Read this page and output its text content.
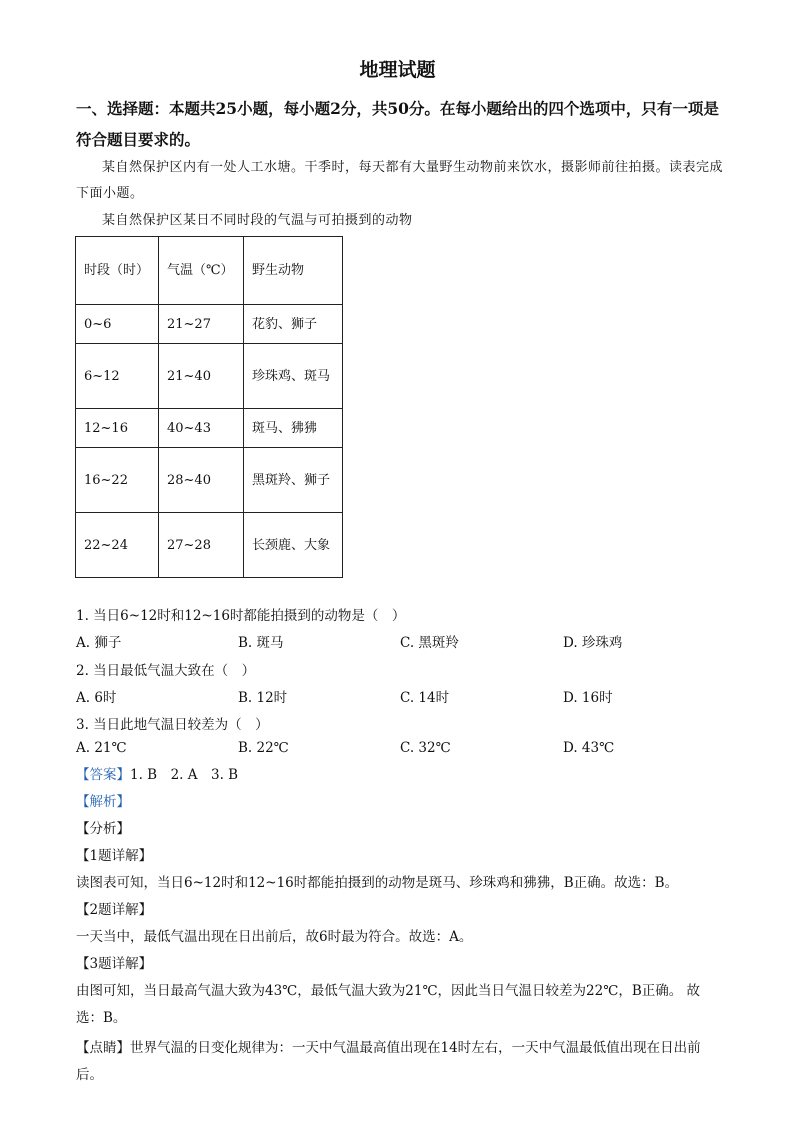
地理试题
一、选择题：本题共25小题，每小题2分，共50分。在每小题给出的四个选项中，只有一项是符合题目要求的。
某自然保护区内有一处人工水塘。干季时，每天都有大量野生动物前来饮水，摄影师前往拍摄。读表完成下面小题。
某自然保护区某日不同时段的气温与可拍摄到的动物
时段（时）	气温（℃）	野生动物
0~6	21~27	花豹、狮子
6~12	21~40	珍珠鸡、斑马
12~16	40~43	斑马、狒狒
16~22	28~40	黑斑羚、狮子
22~24	27~28	长颈鹿、大象
1. 当日6~12时和12~16时都能拍摄到的动物是（　）
A. 狮子	B. 斑马	C. 黑斑羚	D. 珍珠鸡
2. 当日最低气温大致在（　）
A. 6时	B. 12时	C. 14时	D. 16时
3. 当日此地气温日较差为（　）
A. 21℃	B. 22℃	C. 32℃	D. 43℃
【答案】1. B　2. A　3. B
【解析】
【分析】
【1题详解】
读图表可知，当日6~12时和12~16时都能拍摄到的动物是斑马、珍珠鸡和狒狒，B正确。故选：B。
【2题详解】
一天当中，最低气温出现在日出前后，故6时最为符合。故选：A。
【3题详解】
由图可知，当日最高气温大致为43℃，最低气温大致为21℃，因此当日气温日较差为22℃，B正确。 故选：B。
【点睛】世界气温的日变化规律为：一天中气温最高值出现在14时左右，一天中气温最低值出现在日出前后。
